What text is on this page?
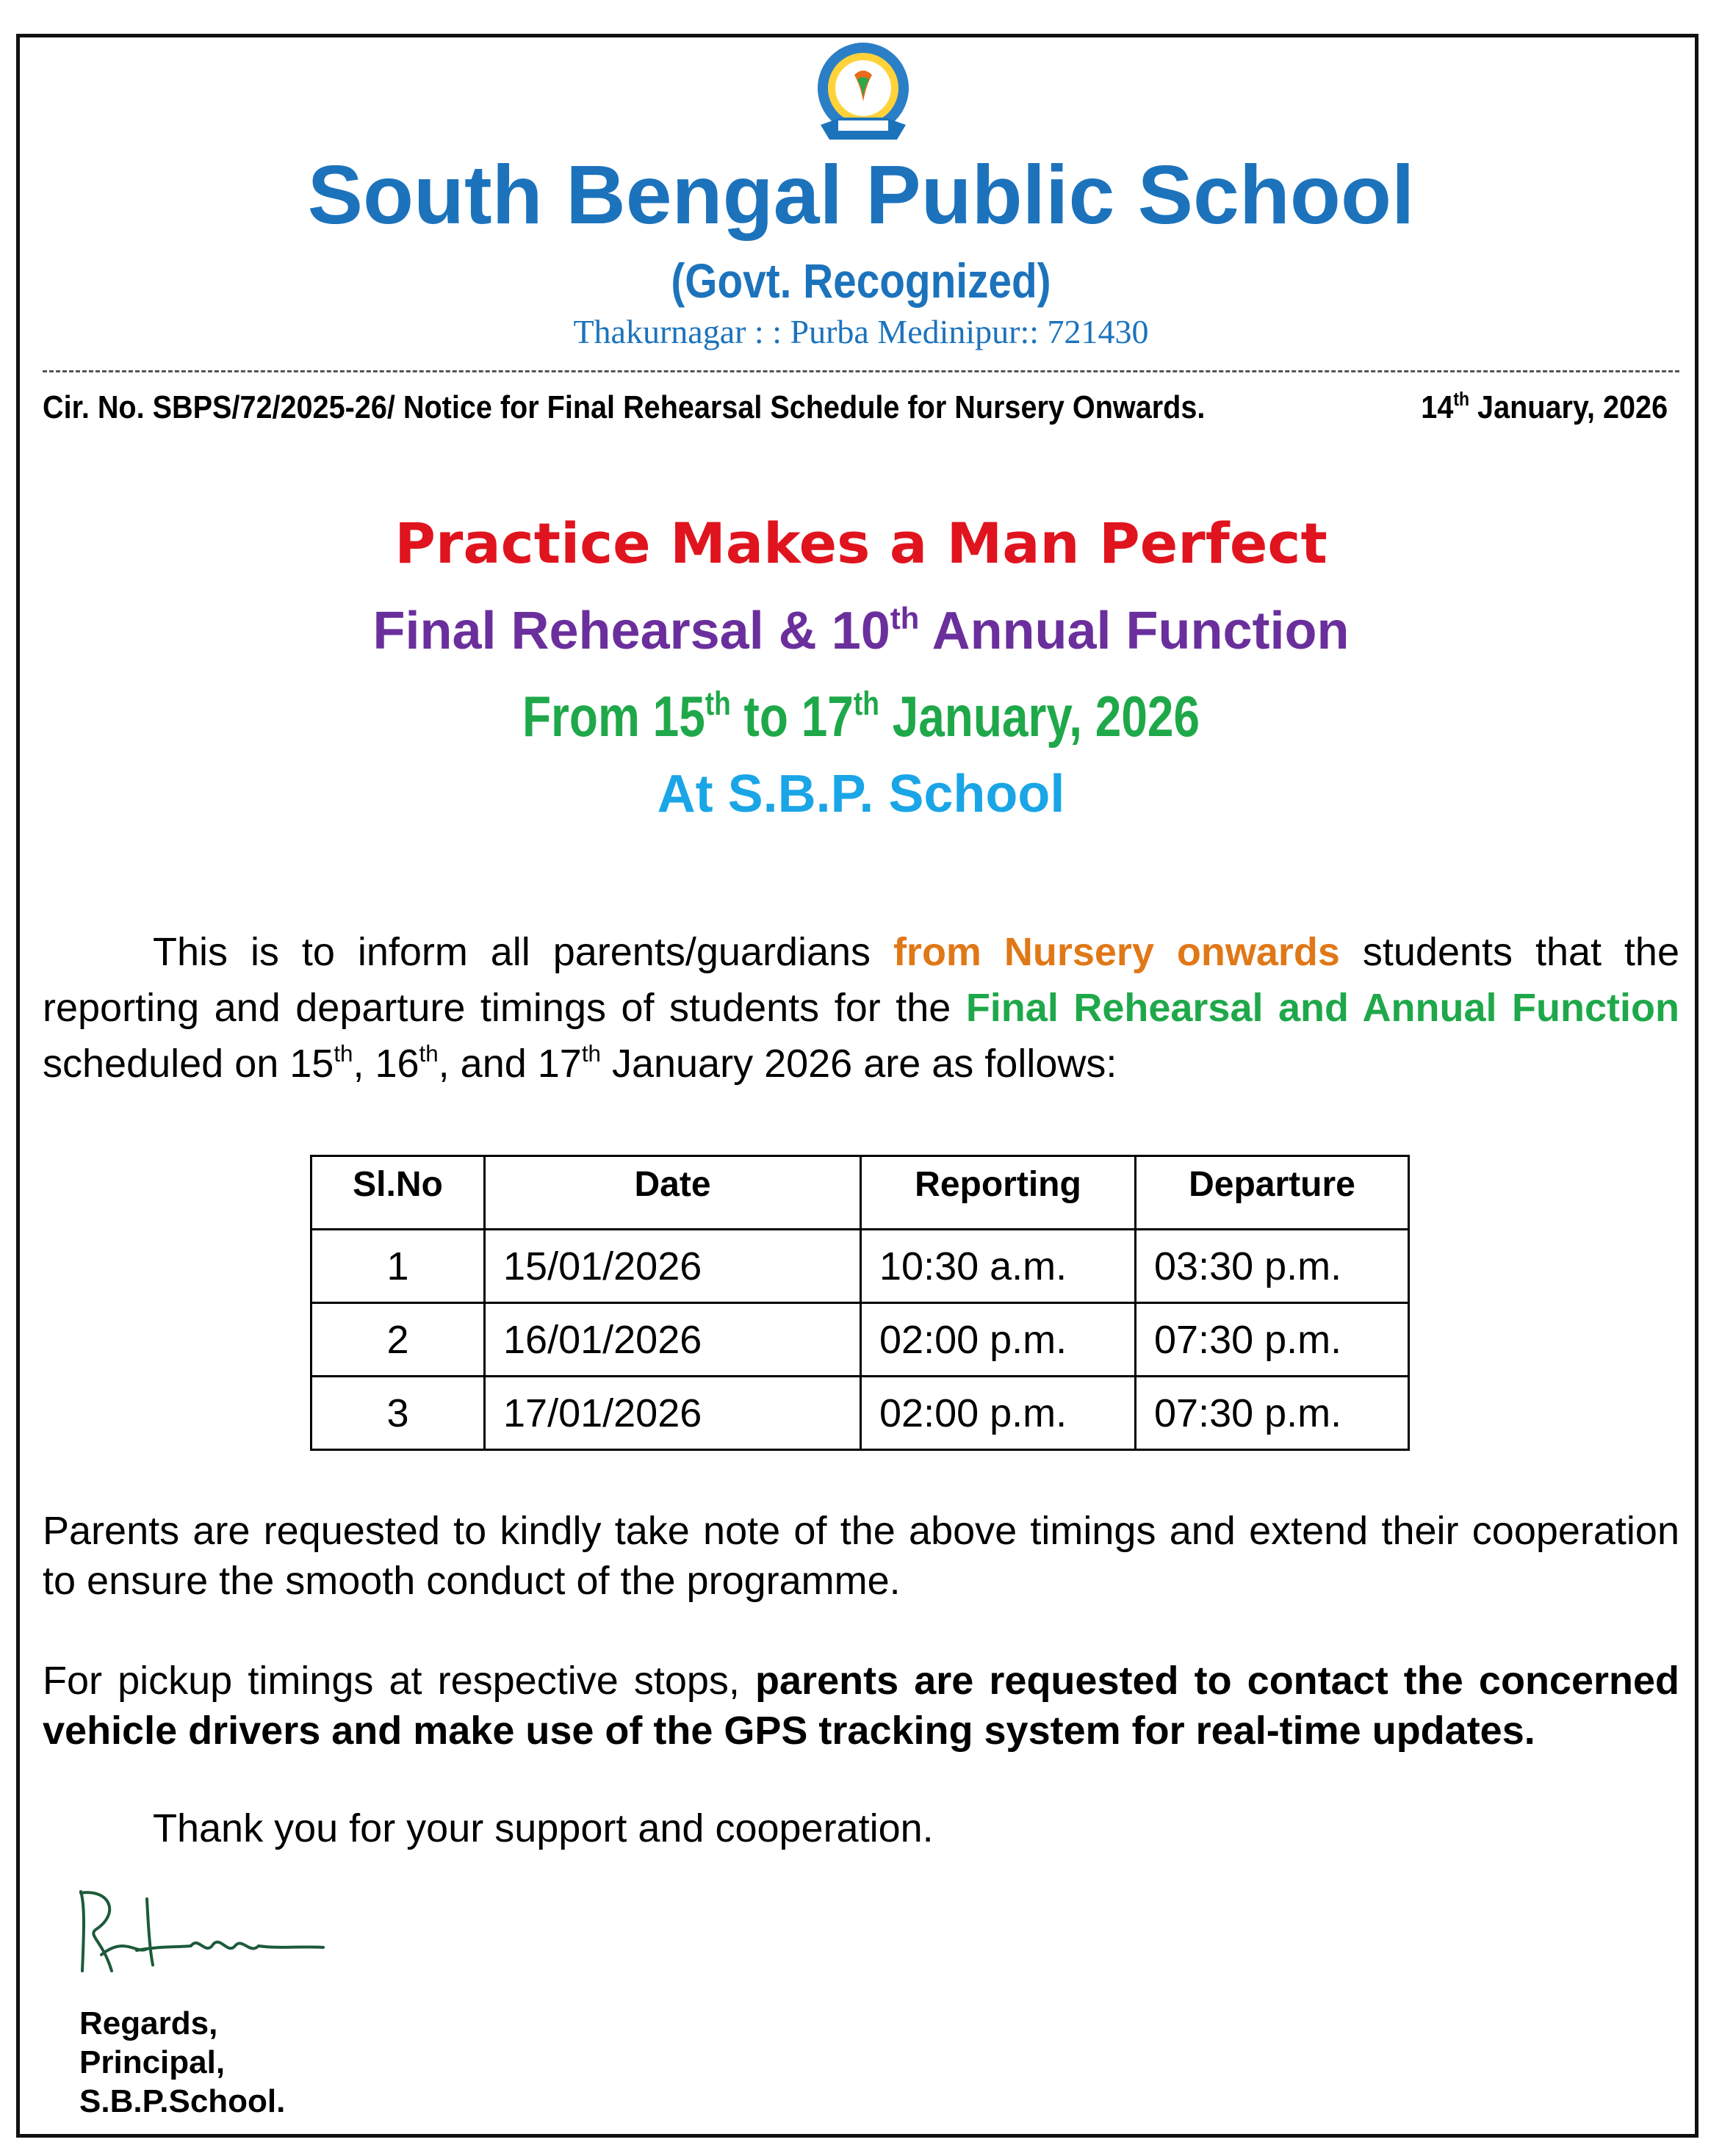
South Bengal Public School
(Govt. Recognized)
Thakurnagar : : Purba Medinipur:: 721430
Cir. No. SBPS/72/2025-26/ Notice for Final Rehearsal Schedule for Nursery Onwards.	14th January, 2026
Practice Makes a Man Perfect
Final Rehearsal & 10th Annual Function
From 15th to 17th January, 2026
At S.B.P. School
This is to inform all parents/guardians from Nursery onwards students that the reporting and departure timings of students for the Final Rehearsal and Annual Function scheduled on 15th, 16th, and 17th January 2026 are as follows:
Sl.No	Date	Reporting	Departure
1	15/01/2026	10:30 a.m.	03:30 p.m.
2	16/01/2026	02:00 p.m.	07:30 p.m.
3	17/01/2026	02:00 p.m.	07:30 p.m.
Parents are requested to kindly take note of the above timings and extend their cooperation to ensure the smooth conduct of the programme.
For pickup timings at respective stops, parents are requested to contact the concerned vehicle drivers and make use of the GPS tracking system for real-time updates.
Thank you for your support and cooperation.
Regards,
Principal,
S.B.P.School.
